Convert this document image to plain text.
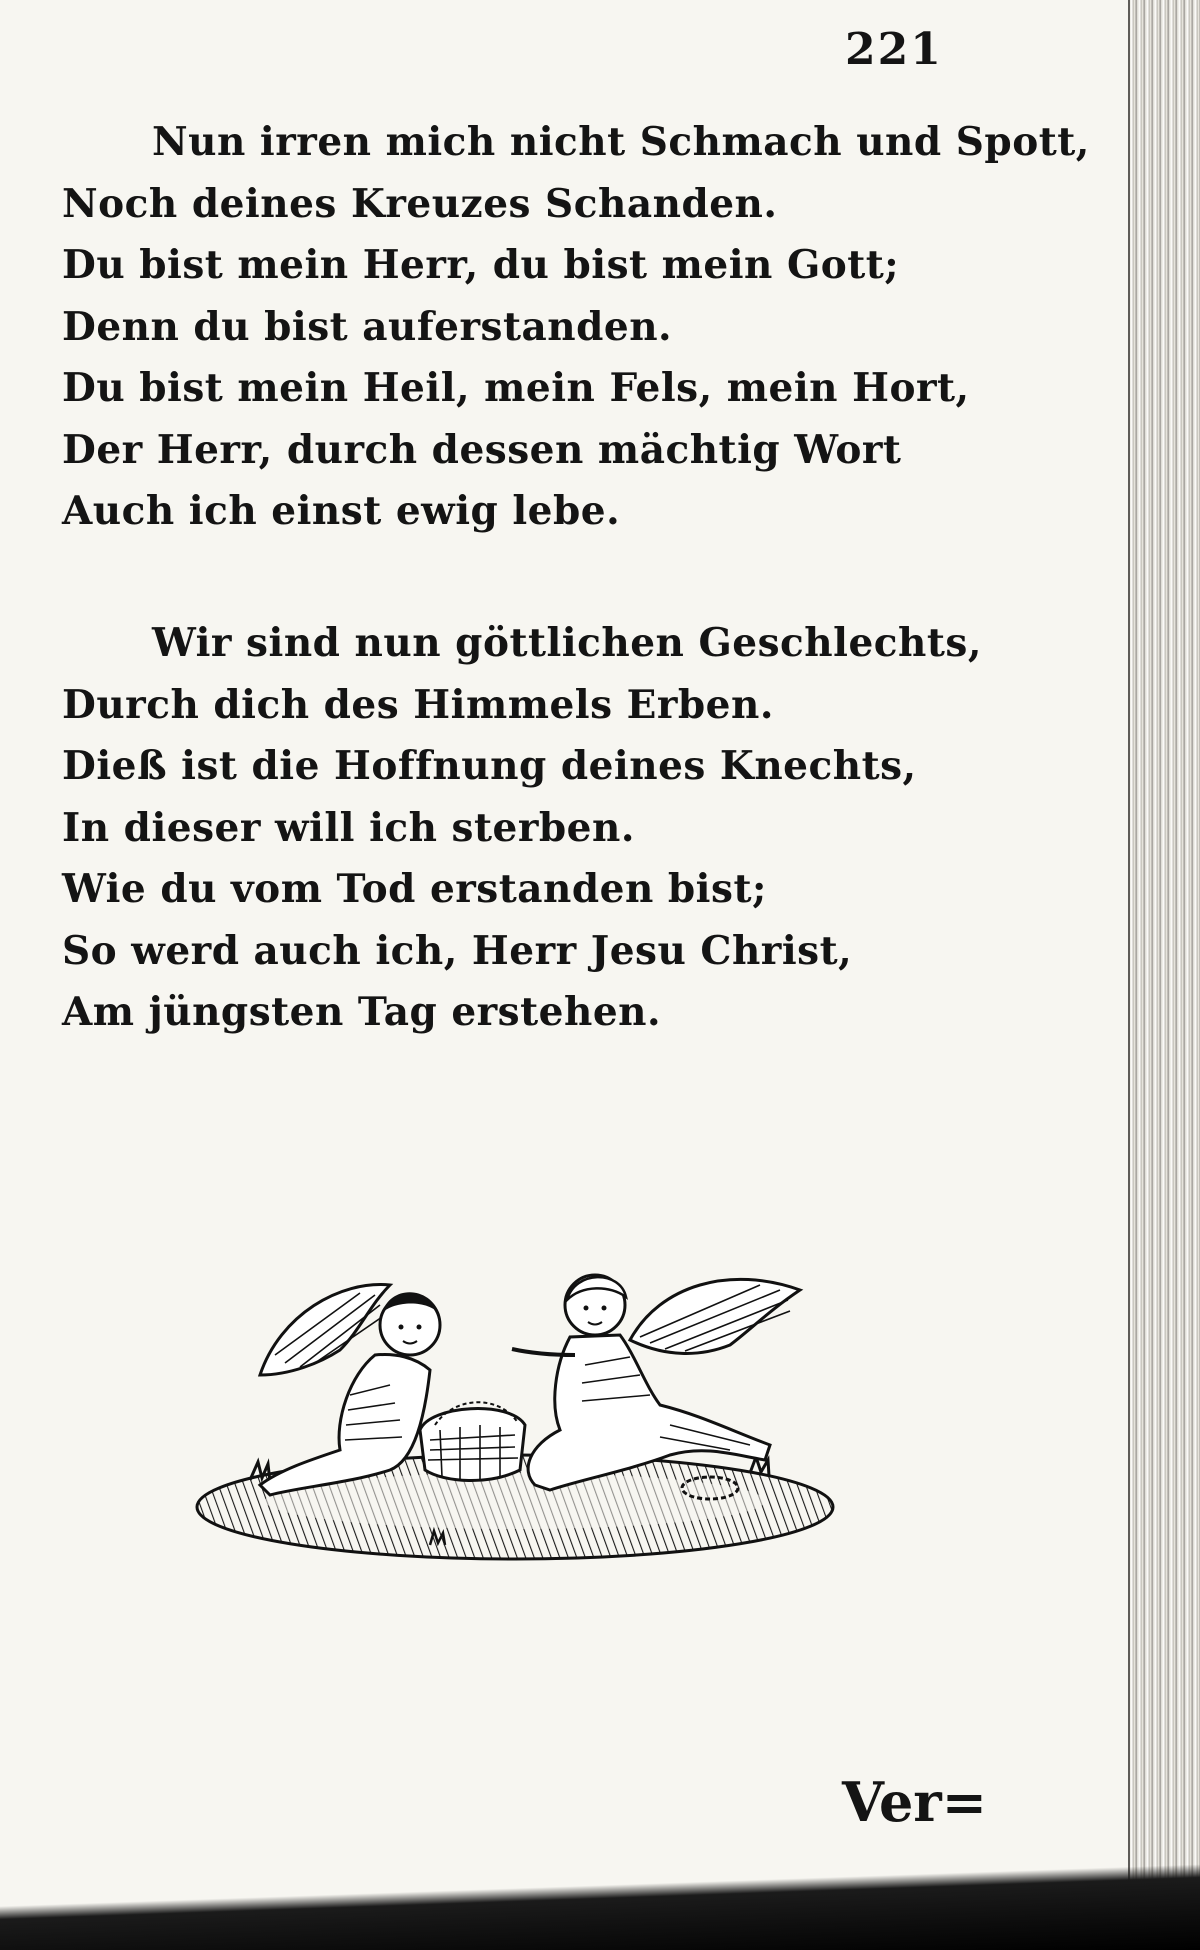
221
Nun irren mich nicht Schmach und Spott,
Noch deines Kreuzes Schanden.
Du bist mein Herr, du bist mein Gott;
Denn du bist auferstanden.
Du bist mein Heil, mein Fels, mein Hort,
Der Herr, durch dessen mächtig Wort
Auch ich einst ewig lebe.
Wir sind nun göttlichen Geschlechts,
Durch dich des Himmels Erben.
Dieß ist die Hoffnung deines Knechts,
In dieser will ich sterben.
Wie du vom Tod erstanden bist;
So werd auch ich, Herr Jesu Christ,
Am jüngsten Tag erstehen.
Ver=
